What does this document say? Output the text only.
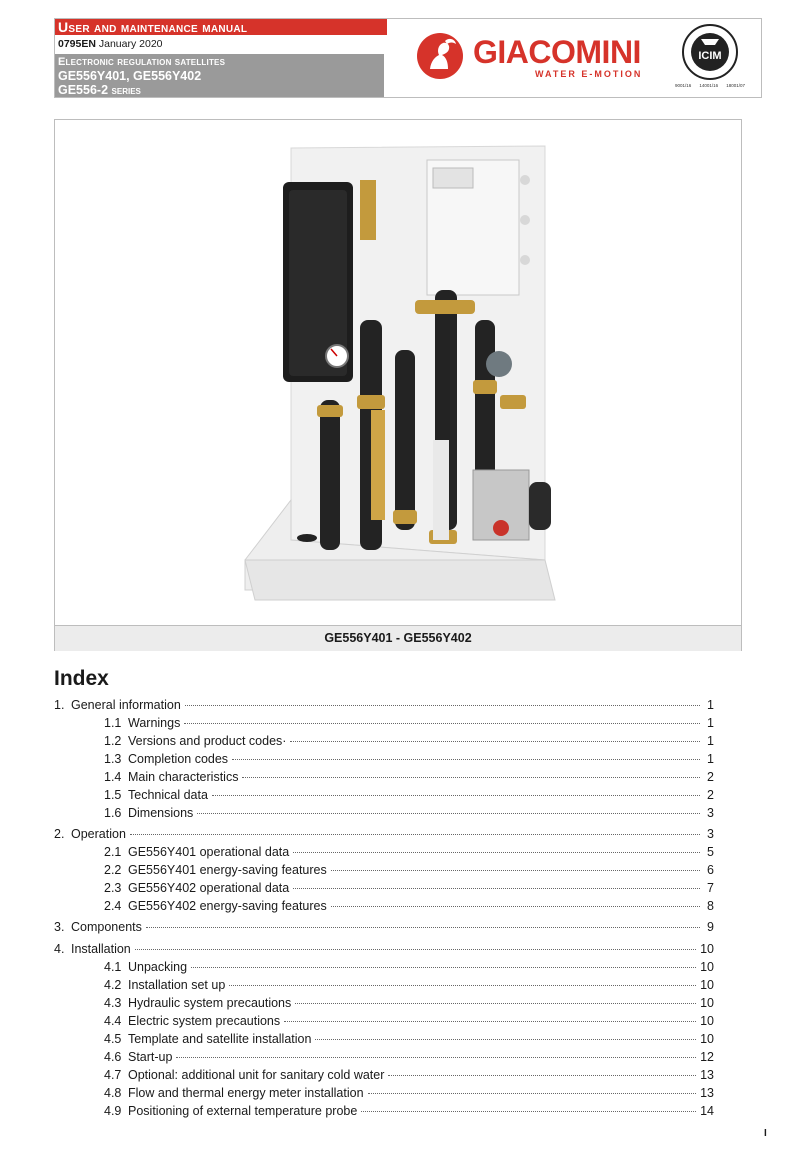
User and maintenance manual
0795EN January 2020
Electronic regulation satellites
GE556Y401, GE556Y402
GE556-2 series
GIACOMINI
WATER E-MOTION
ICIM
9001/16 14001/16 18001/07
GE556Y401 - GE556Y402
Index
1. General information	1
1.1 Warnings	1
1.2 Versions and product codes·	1
1.3 Completion codes	1
1.4 Main characteristics	2
1.5 Technical data	2
1.6 Dimensions	3
2. Operation	3
2.1 GE556Y401 operational data	5
2.2 GE556Y401 energy-saving features	6
2.3 GE556Y402 operational data	7
2.4 GE556Y402 energy-saving features	8
3. Components	9
4. Installation	10
4.1 Unpacking	10
4.2 Installation set up	10
4.3 Hydraulic system precautions	10
4.4 Electric system precautions	10
4.5 Template and satellite installation	10
4.6 Start-up	12
4.7 Optional: additional unit for sanitary cold water	13
4.8 Flow and thermal energy meter installation	13
4.9 Positioning of external temperature probe	14
I
